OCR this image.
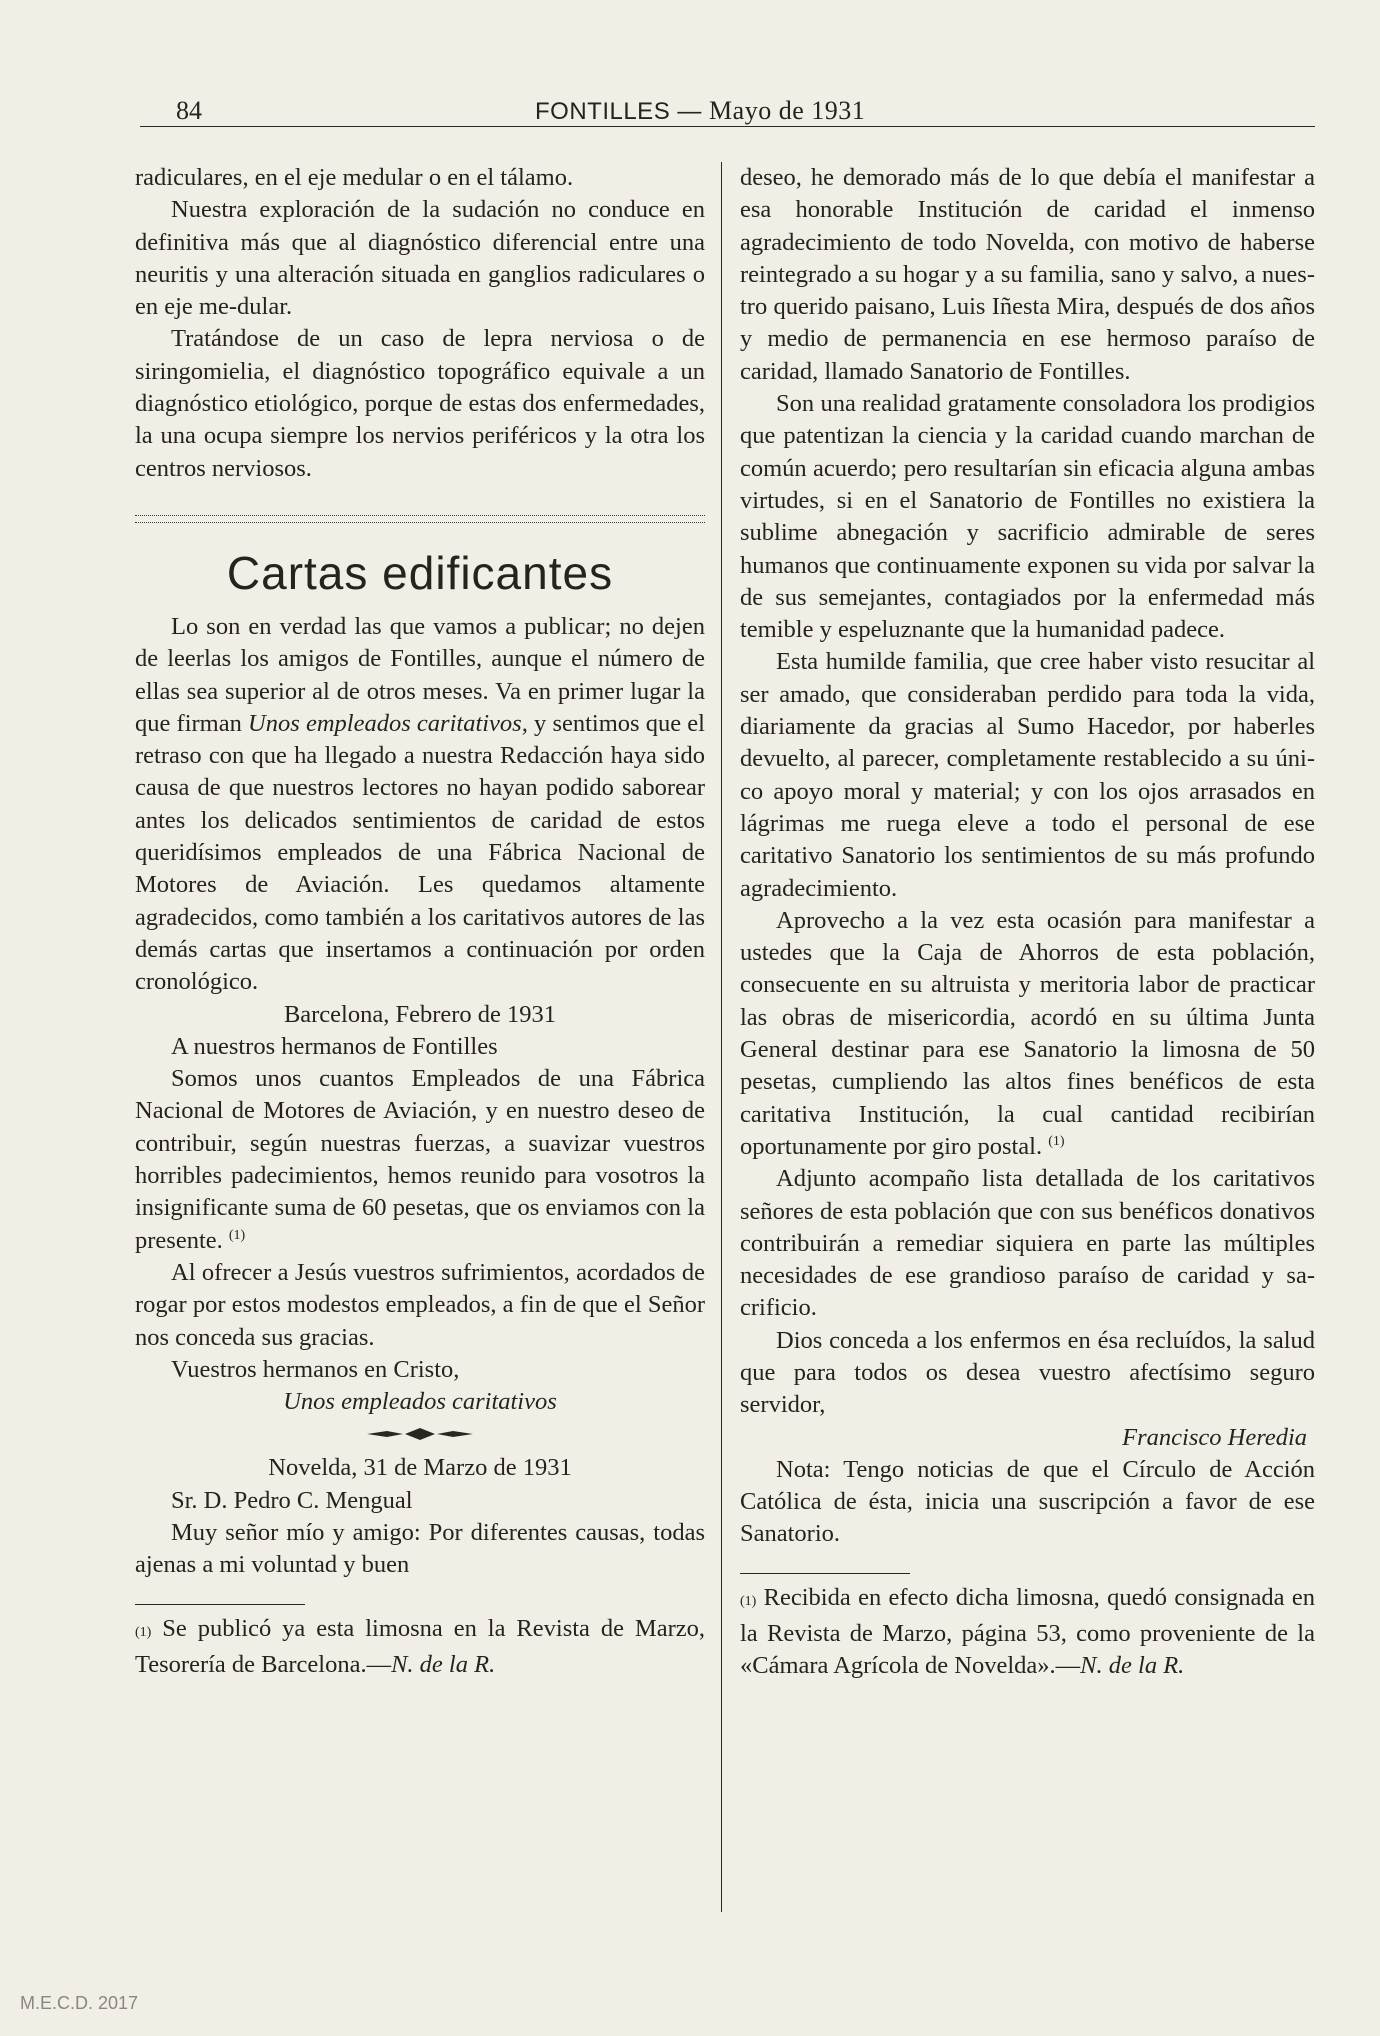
84	FONTILLES — Mayo de 1931

radiculares, en el eje medular o en el tálamo.

Nuestra exploración de la sudación no conduce en definitiva más que al diagnóstico diferencial entre una neuritis y una alteración situada en ganglios radiculares o en eje me-dular.

Tratándose de un caso de lepra nerviosa o de siringomielia, el diagnóstico topográfico equivale a un diagnóstico etiológico, porque de estas dos enfermedades, la una ocupa siempre los nervios periféricos y la otra los centros nerviosos.

Cartas edificantes

Lo son en verdad las que vamos a publicar; no dejen de leerlas los amigos de Fontilles, aunque el número de ellas sea superior al de otros meses. Va en primer lugar la que firman Unos empleados caritativos, y sentimos que el retraso con que ha llegado a nuestra Redacción haya sido causa de que nuestros lectores no hayan podido saborear antes los delicados sentimientos de caridad de estos queridísimos empleados de una Fábrica Nacional de Motores de Aviación. Les quedamos altamente agradecidos, como también a los caritativos autores de las demás cartas que insertamos a continuación por orden cronológico.

Barcelona, Febrero de 1931

A nuestros hermanos de Fontilles

Somos unos cuantos Empleados de una Fábrica Nacional de Motores de Aviación, y en nuestro deseo de contribuir, según nuestras fuerzas, a suavizar vuestros horribles padecimientos, hemos reunido para vosotros la insignificante suma de 60 pesetas, que os enviamos con la presente. $^{(1)}$

Al ofrecer a Jesús vuestros sufrimientos, acordados de rogar por estos modestos empleados, a fin de que el Señor nos conceda sus gracias.

Vuestros hermanos en Cristo,

Unos empleados caritativos

Novelda, 31 de Marzo de 1931

Sr. D. Pedro C. Mengual

Muy señor mío y amigo: Por diferentes causas, todas ajenas a mi voluntad y buen

(1) Se publicó ya esta limosna en la Revista de Marzo, Tesorería de Barcelona.—N. de la R.

deseo, he demorado más de lo que debía el manifestar a esa honorable Institución de caridad el inmenso agradecimiento de todo Novelda, con motivo de haberse reintegrado a su hogar y a su familia, sano y salvo, a nuestro querido paisano, Luis Iñesta Mira, después de dos años y medio de permanencia en ese hermoso paraíso de caridad, llamado Sanatorio de Fontilles.

Son una realidad gratamente consoladora los prodigios que patentizan la ciencia y la caridad cuando marchan de común acuerdo; pero resultarían sin eficacia alguna ambas virtudes, si en el Sanatorio de Fontilles no existiera la sublime abnegación y sacrificio admirable de seres humanos que continuamente exponen su vida por salvar la de sus semejantes, contagiados por la enfermedad más temible y espeluznante que la humanidad padece.

Esta humilde familia, que cree haber visto resucitar al ser amado, que consideraban perdido para toda la vida, diariamente da gracias al Sumo Hacedor, por haberles devuelto, al parecer, completamente restablecido a su único apoyo moral y material; y con los ojos arrasados en lágrimas me ruega eleve a todo el personal de ese caritativo Sanatorio los sentimientos de su más profundo agradecimiento.

Aprovecho a la vez esta ocasión para manifestar a ustedes que la Caja de Ahorros de esta población, consecuente en su altruista y meritoria labor de practicar las obras de misericordia, acordó en su última Junta General destinar para ese Sanatorio la limosna de 50 pesetas, cumpliendo las altos fines benéficos de esta caritativa Institución, la cual cantidad recibirían oportunamente por giro postal. $^{(1)}$

Adjunto acompaño lista detallada de los caritativos señores de esta población que con sus benéficos donativos contribuirán a remediar siquiera en parte las múltiples necesidades de ese grandioso paraíso de caridad y sacrificio.

Dios conceda a los enfermos en ésa recluídos, la salud que para todos os desea vuestro afectísimo seguro servidor,

Francisco Heredia

Nota: Tengo noticias de que el Círculo de Acción Católica de ésta, inicia una suscripción a favor de ese Sanatorio.

(1) Recibida en efecto dicha limosna, quedó consignada en la Revista de Marzo, página 53, como proveniente de la «Cámara Agrícola de Novelda».—N. de la R.

M.E.C.D. 2017
